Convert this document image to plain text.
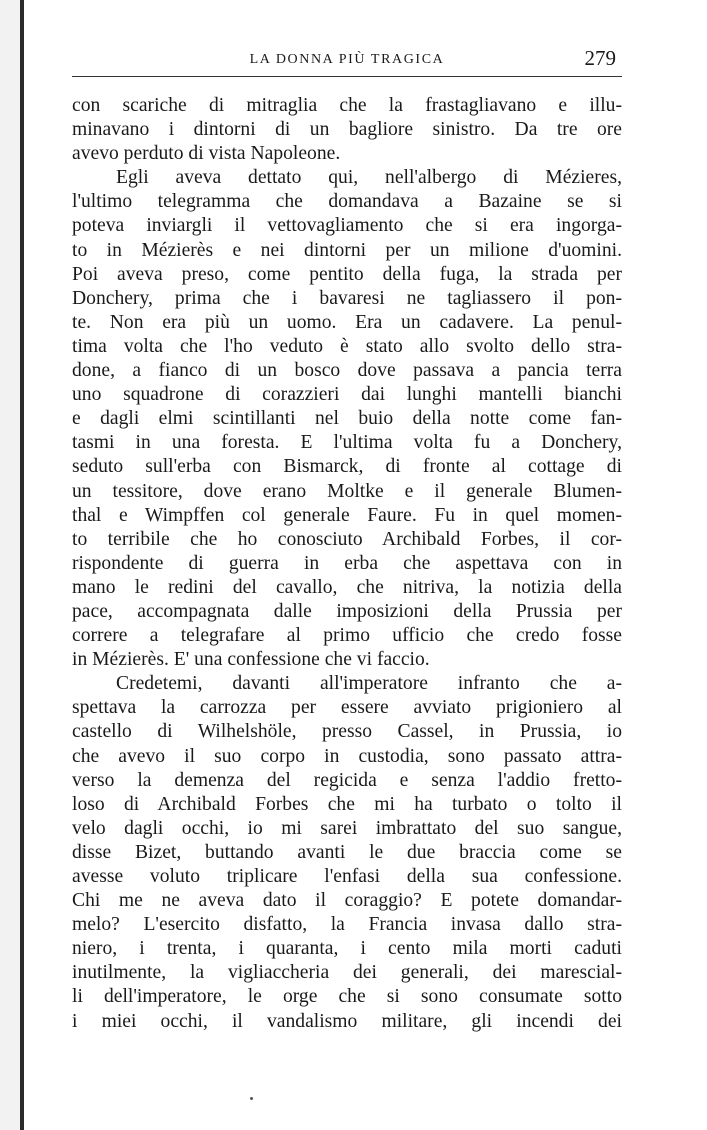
LA DONNA PIÙ TRAGICA	279
con scariche di mitraglia che la frastagliavano e illu-
minavano i dintorni di un bagliore sinistro. Da tre ore
avevo perduto di vista Napoleone.
Egli aveva dettato qui, nell'albergo di Mézieres,
l'ultimo telegramma che domandava a Bazaine se si
poteva inviargli il vettovagliamento che si era ingorga-
to in Mézierès e nei dintorni per un milione d'uomini.
Poi aveva preso, come pentito della fuga, la strada per
Donchery, prima che i bavaresi ne tagliassero il pon-
te. Non era più un uomo. Era un cadavere. La penul-
tima volta che l'ho veduto è stato allo svolto dello stra-
done, a fianco di un bosco dove passava a pancia terra
uno squadrone di corazzieri dai lunghi mantelli bianchi
e dagli elmi scintillanti nel buio della notte come fan-
tasmi in una foresta. E l'ultima volta fu a Donchery,
seduto sull'erba con Bismarck, di fronte al cottage di
un tessitore, dove erano Moltke e il generale Blumen-
thal e Wimpffen col generale Faure. Fu in quel momen-
to terribile che ho conosciuto Archibald Forbes, il cor-
rispondente di guerra in erba che aspettava con in
mano le redini del cavallo, che nitriva, la notizia della
pace, accompagnata dalle imposizioni della Prussia per
correre a telegrafare al primo ufficio che credo fosse
in Mézierès. E' una confessione che vi faccio.
Credetemi, davanti all'imperatore infranto che a-
spettava la carrozza per essere avviato prigioniero al
castello di Wilhelshöle, presso Cassel, in Prussia, io
che avevo il suo corpo in custodia, sono passato attra-
verso la demenza del regicida e senza l'addio fretto-
loso di Archibald Forbes che mi ha turbato o tolto il
velo dagli occhi, io mi sarei imbrattato del suo sangue,
disse Bizet, buttando avanti le due braccia come se
avesse voluto triplicare l'enfasi della sua confessione.
Chi me ne aveva dato il coraggio? E potete domandar-
melo? L'esercito disfatto, la Francia invasa dallo stra-
niero, i trenta, i quaranta, i cento mila morti caduti
inutilmente, la vigliaccheria dei generali, dei marescial-
li dell'imperatore, le orge che si sono consumate sotto
i miei occhi, il vandalismo militare, gli incendi dei
